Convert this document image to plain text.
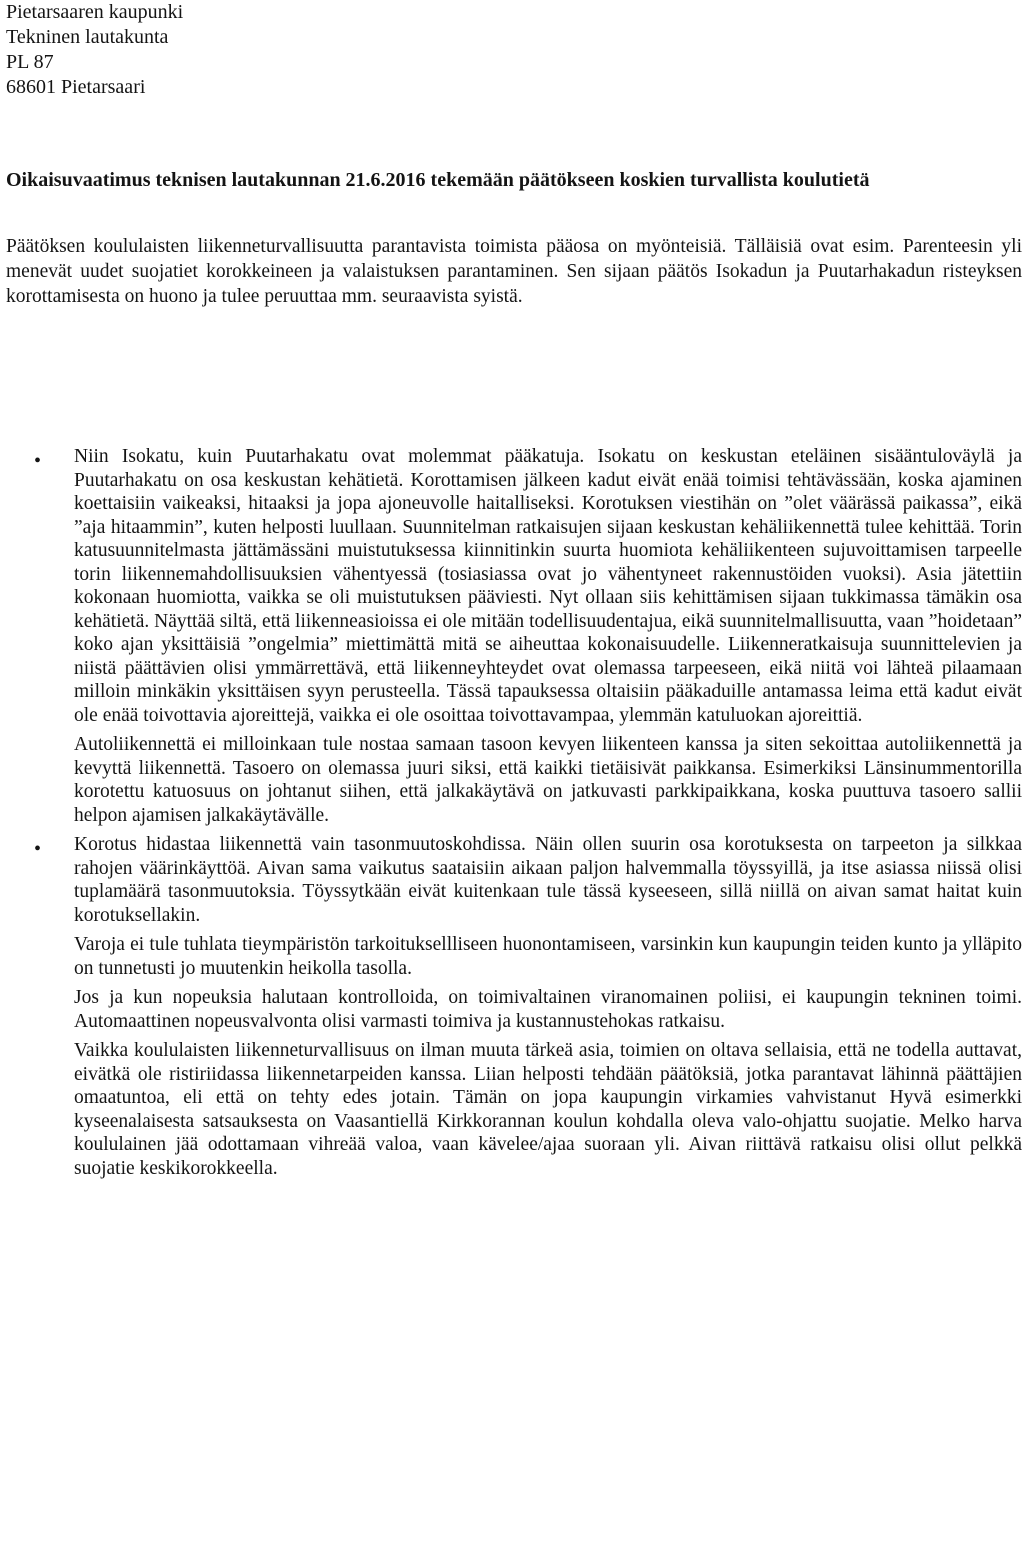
Pietarsaaren kaupunki
Tekninen lautakunta
PL 87
68601 Pietarsaari
Oikaisuvaatimus teknisen lautakunnan 21.6.2016 tekemään päätökseen koskien turvallista koulutietä

Päätöksen koululaisten liikenneturvallisuutta parantavista toimista pääosa on myönteisiä. Tälläisiä ovat esim. Parenteesin yli menevät uudet suojatiet korokkeineen ja valaistuksen parantaminen. Sen sijaan päätös Isokadun ja Puutarhakadun risteyksen korottamisesta on huono ja tulee peruuttaa mm. seuraavista syistä.

• Niin Isokatu, kuin Puutarhakatu ovat molemmat pääkatuja. Isokatu on keskustan eteläinen sisääntuloväylä ja Puutarhakatu on osa keskustan kehätietä. Korottamisen jälkeen kadut eivät enää toimisi tehtävässään, koska ajaminen koettaisiin vaikeaksi, hitaaksi ja jopa ajoneuvolle haitalliseksi. Korotuksen viestihän on ”olet väärässä paikassa”, eikä ”aja hitaammin”, kuten helposti luullaan. Suunnitelman ratkaisujen sijaan keskustan kehäliikennettä tulee kehittää. Torin katusuunnitelmasta jättämässäni muistutuksessa kiinnitinkin suurta huomiota kehäliikenteen sujuvoittamisen tarpeelle torin liikennemahdollisuuksien vähentyessä (tosiasiassa ovat jo vähentyneet rakennustöiden vuoksi). Asia jätettiin kokonaan huomiotta, vaikka se oli muistutuksen pääviesti. Nyt ollaan siis kehittämisen sijaan tukkimassa tämäkin osa kehätietä. Näyttää siltä, että liikenneasioissa ei ole mitään todellisuudentajua, eikä suunnitelmallisuutta, vaan ”hoidetaan” koko ajan yksittäisiä ”ongelmia” miettimättä mitä se aiheuttaa kokonaisuudelle. Liikenneratkaisuja suunnittelevien ja niistä päättävien olisi ymmärrettävä, että liikenneyhteydet ovat olemassa tarpeeseen, eikä niitä voi lähteä pilaamaan milloin minkäkin yksittäisen syyn perusteella. Tässä tapauksessa oltaisiin pääkaduille antamassa leima että kadut eivät ole enää toivottavia ajoreittejä, vaikka ei ole osoittaa toivottavampaa, ylemmän katuluokan ajoreittiä.

Autoliikennettä ei milloinkaan tule nostaa samaan tasoon kevyen liikenteen kanssa ja siten sekoittaa autoliikennettä ja kevyttä liikennettä. Tasoero on olemassa juuri siksi, että kaikki tietäisivät paikkansa. Esimerkiksi Länsinummentorilla korotettu katuosuus on johtanut siihen, että jalkakäytävä on jatkuvasti parkkipaikkana, koska puuttuva tasoero sallii helpon ajamisen jalkakäytävälle.

• Korotus hidastaa liikennettä vain tasonmuutoskohdissa. Näin ollen suurin osa korotuksesta on tarpeeton ja silkkaa rahojen väärinkäyttöä. Aivan sama vaikutus saataisiin aikaan paljon halvemmalla töyssyillä, ja itse asiassa niissä olisi tuplamäärä tasonmuutoksia. Töyssytkään eivät kuitenkaan tule tässä kyseeseen, sillä niillä on aivan samat haitat kuin korotuksellakin.

Varoja ei tule tuhlata tieympäristön tarkoituksellliseen huonontamiseen, varsinkin kun kaupungin teiden kunto ja ylläpito on tunnetusti jo muutenkin heikolla tasolla.

Jos ja kun nopeuksia halutaan kontrolloida, on toimivaltainen viranomainen poliisi, ei kaupungin tekninen toimi. Automaattinen nopeusvalvonta olisi varmasti toimiva ja kustannustehokas ratkaisu.

Vaikka koululaisten liikenneturvallisuus on ilman muuta tärkeä asia, toimien on oltava sellaisia, että ne todella auttavat, eivätkä ole ristiriidassa liikennetarpeiden kanssa. Liian helposti tehdään päätöksiä, jotka parantavat lähinnä päättäjien omaatuntoa, eli että on tehty edes jotain. Tämän on jopa kaupungin virkamies vahvistanut Hyvä esimerkki kyseenalaisesta satsauksesta on Vaasantiellä Kirkkorannan koulun kohdalla oleva valo-ohjattu suojatie. Melko harva koululainen jää odottamaan vihreää valoa, vaan kävelee/ajaa suoraan yli. Aivan riittävä ratkaisu olisi ollut pelkkä suojatie keskikorokkeella.
